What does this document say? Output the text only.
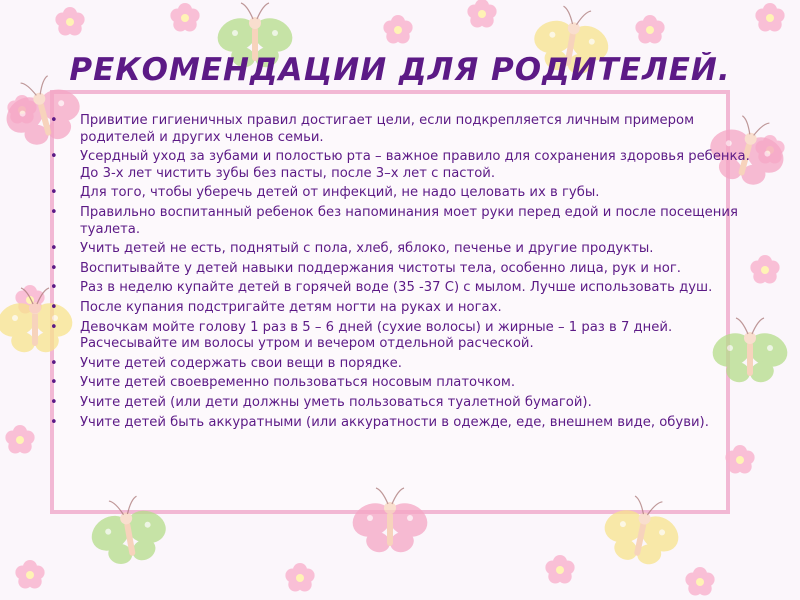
РЕКОМЕНДАЦИИ ДЛЯ РОДИТЕЛЕЙ.
• Привитие гигиеничных правил достигает цели, если подкрепляется личным примером родителей и других членов семьи.
• Усердный уход за зубами и полостью рта – важное правило для сохранения здоровья ребенка. До 3-х лет чистить зубы без пасты, после 3–х лет с пастой.
• Для того, чтобы уберечь детей от инфекций, не надо целовать их в губы.
• Правильно воспитанный ребенок без напоминания моет руки перед едой и после посещения туалета.
• Учить детей не есть, поднятый с пола, хлеб, яблоко, печенье и другие продукты.
• Воспитывайте у детей навыки поддержания чистоты тела, особенно лица, рук и ног.
• Раз в неделю купайте детей в горячей воде (35 -37 С) с мылом. Лучше использовать душ.
• После купания подстригайте детям ногти на руках и ногах.
• Девочкам мойте голову 1 раз в 5 – 6 дней (сухие волосы) и жирные – 1 раз в 7 дней. Расчесывайте им волосы утром и вечером отдельной расческой.
• Учите детей содержать свои вещи в порядке.
• Учите детей своевременно пользоваться носовым платочком.
• Учите детей (или дети должны уметь пользоваться туалетной бумагой).
• Учите детей быть аккуратными (или аккуратности в одежде, еде, внешнем виде, обуви).
